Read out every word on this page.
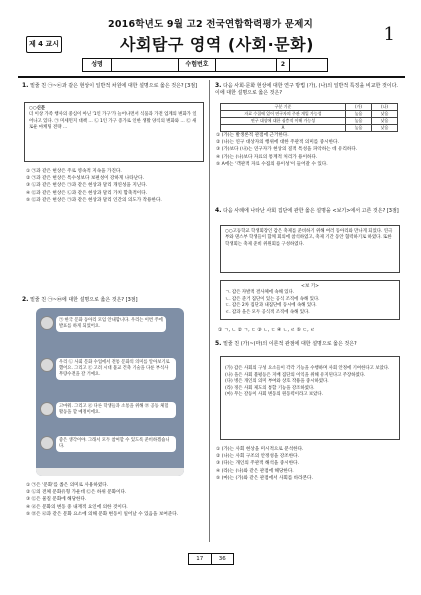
2016학년도 9월 고2 전국연합학력평가 문제지	1
제 4 교시	사회탐구 영역 (사회·문화)
성명	수험번호	2
1. 밑줄 친 ㉠~㉢과 같은 현상이 일반적 차원에 대한 설명으로 옳은 것은? [3점]
○○신문
더 이상 가족 행사의 중심이 아닌 '1인 가구'가 늘어나면서 식품과 가전 업계의 변화가 일어나고 있다. ㉠ 미세먼지 대책 … ㉡ 1인 가구 증가로 인한 생활 양식의 변화와 … ㉢ 새로운 마케팅 전략 …
① ㉠과 같은 현상은 주로 영속적 지속을 가진다.
② ㉠과 같은 현상은 특수성보다 보편성이 강하게 나타난다.
③ ㉡과 같은 현상은 ㉠과 같은 현상과 달리 개연성을 지닌다.
④ ㉢과 같은 현상은 ㉡과 같은 현상과 달리 가치 함축적이다.
⑤ ㉢과 같은 현상은 ㉠과 같은 현상과 달리 인간의 의도가 작용한다.
2. 밑줄 친 ㉠~㉤에 대한 설명으로 옳은 것은? [3점]
㉠ 한국 문화 동아리 모임 안내합니다. 우리는 이번 주에 발표를 하게 되었어요.
우리 ㉡ 사회 문화 수업에서 전통 문화의 의미를 알아보기로 했어요. 그리고 ㉢ 고려 시대 불교 건축 기술을 다룬 부석사 무량수전을 갈 거예요.
고마워. 그리고 ㉣ 다른 학생들과 소통을 위해 ㉤ 공동 체험 활동을 할 예정이에요.
좋은 생각이야. 그래서 모두 참여할 수 있도록 준비하겠습니다.
① ㉠은 '문화'를 좁은 의미로 사용하였다.
② ㉡의 전체 문화유형 가운데 ㉢은 하위 문화이다.
③ ㉢은 물질 문화에 해당한다.
④ ㉣은 문화의 변동 중 내재적 요인에 의한 것이다.
⑤ ㉤은 ㉣과 같은 문화 요소에 의해 문화 변동이 일어날 수 있음을 보여준다.
3. 다음 사회·문화 현상에 대한 연구 방법 (가), (나)의 일반적 특징을 비교한 것이다. 이에 대한 설명으로 옳은 것은?
구분 기준	(가)	(나)
자료 수집에 있어 연구자의 주관 개입 가능성	높음	낮음
연구 대상에 대한 심층적 이해 가능성	높음	낮음
A	높음	낮음
① (가)는 발생론적 관점에 근거한다.
② (나)는 연구 대상자의 행위에 대한 주관적 의미를 중시한다.
③ (가)보다 (나)는 연구자가 현상의 질적 특성을 파악하는 데 유리하다.
④ (가)는 (나)보다 자료의 통계적 처리가 용이하다.
⑤ A에는 '객관적 자료 수집의 용이성'이 들어갈 수 있다.
4. 다음 사례에 나타난 사회 집단에 관한 옳은 설명을 <보기>에서 고른 것은? [3점]
○○고등학교 학생회장인 갑은 축제를 준비하기 위해 여러 동아리와 만나게 되었다. 연극부와 댄스부 학생들이 함께 회의에 참석하였고, 축제 기간 동안 협력하기로 하였다. 또한 학생회는 축제 준비 위원회를 구성하였다.
<보 기>
ㄱ. 갑은 자발적 결사체에 속해 있다.
ㄴ. 갑은 준거 집단이 있는 공식 조직에 속해 있다.
ㄷ. 갑은 2차 집단과 내집단에 동시에 속해 있다.
ㄹ. 갑과 을은 모두 공식적 조직에 속해 있다.
① ㄱ, ㄴ ② ㄱ, ㄷ ③ ㄴ, ㄷ ④ ㄴ, ㄹ ⑤ ㄷ, ㄹ
5. 밑줄 친 (가)~(마)의 이론적 관점에 대한 설명으로 옳은 것은?

(가) 갑은 사회의 구성 요소들이 각각 기능을 수행하며 사회 안정에 기여한다고 보았다.
(나) 을은 사회 불평등은 지배 집단의 이익을 위해 유지된다고 주장하였다.
(다) 병은 개인의 의미 부여와 상호 작용을 중시하였다.
(라) 정은 사회 제도의 통합 기능을 강조하였다.
(마) 무는 갈등이 사회 변동의 원동력이라고 보았다.

① (가)는 사회 현상을 미시적으로 분석한다.
② (나)는 사회 구조의 안정성을 강조한다.
③ (다)는 개인의 주관적 해석을 중시한다.
④ (라)는 (나)와 같은 관점에 해당한다.
⑤ (마)는 (가)와 같은 관점에서 사회를 바라본다.
17	36
